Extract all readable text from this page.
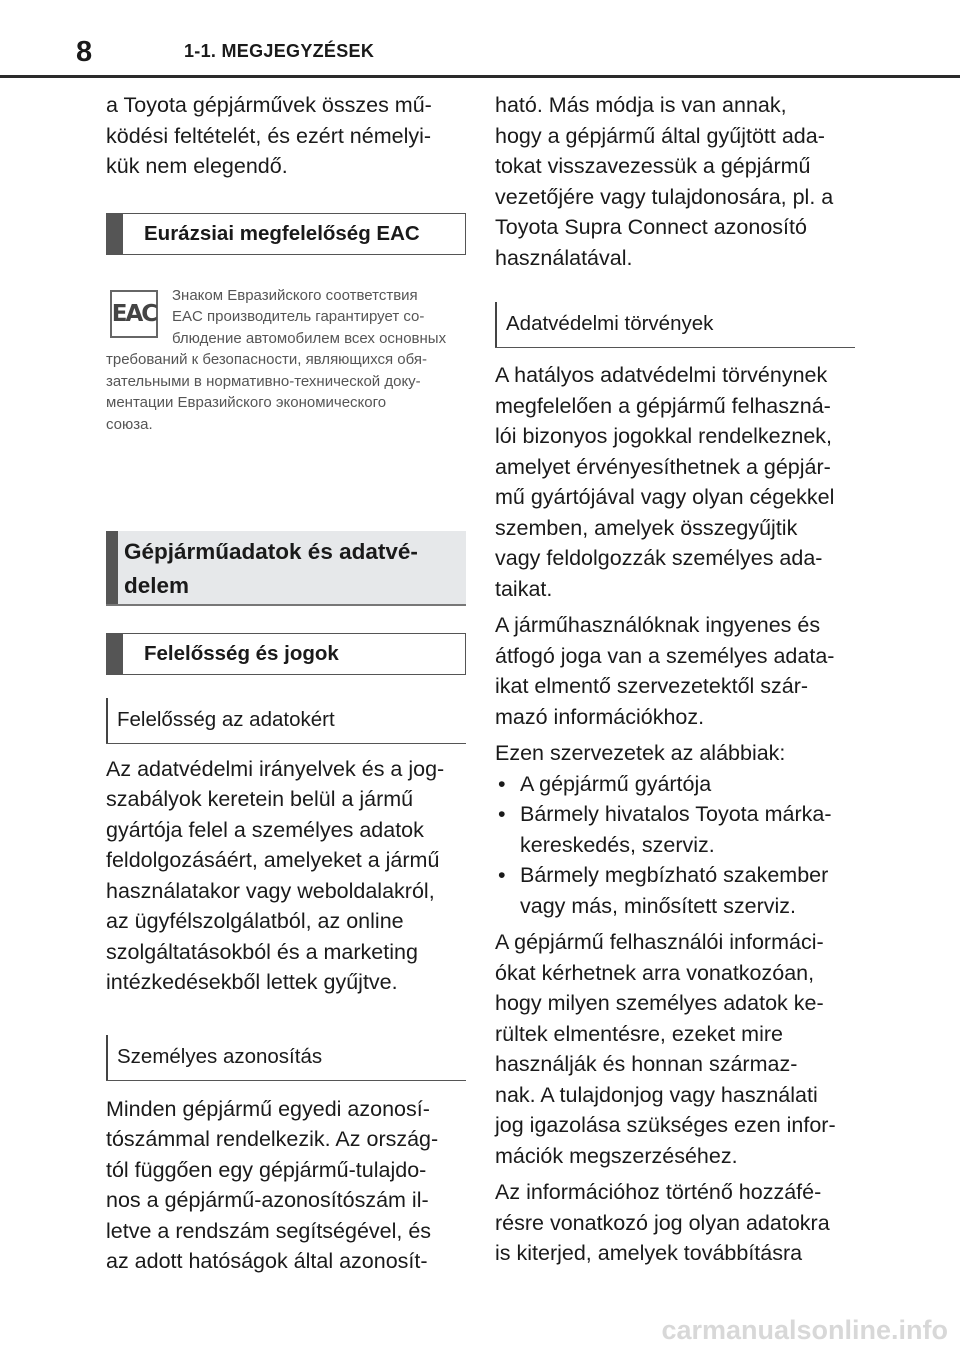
8	1-1. MEGJEGYZÉSEK

a Toyota gépjárművek összes mű-
ködési feltételét, és ezért némelyi-
kük nem elegendő.

Eurázsiai megfelelőség EAC
EAC
Знаком Евразийского соответствия
EAC производитель гарантирует со-
блюдение автомобилем всех основных
требований к безопасности, являющихся обя-
зательными в нормативно-технической доку-
ментации Евразийского экономического
союза.
Gépjárműadatok és adatvé-
delem
Felelősség és jogok
Felelősség az adatokért

Az adatvédelmi irányelvek és a jog-
szabályok keretein belül a jármű
gyártója felel a személyes adatok
feldolgozásáért, amelyeket a jármű
használatakor vagy weboldalakról,
az ügyfélszolgálatból, az online
szolgáltatásokból és a marketing
intézkedésekből lettek gyűjtve.

Személyes azonosítás

Minden gépjármű egyedi azonosí-
tószámmal rendelkezik. Az ország-
tól függően egy gépjármű-tulajdo-
nos a gépjármű-azonosítószám il-
letve a rendszám segítségével, és
az adott hatóságok által azonosít-

ható. Más módja is van annak,
hogy a gépjármű által gyűjtött ada-
tokat visszavezessük a gépjármű
vezetőjére vagy tulajdonosára, pl. a
Toyota Supra Connect azonosító
használatával.

Adatvédelmi törvények

A hatályos adatvédelmi törvénynek
megfelelően a gépjármű felhaszná-
lói bizonyos jogokkal rendelkeznek,
amelyet érvényesíthetnek a gépjár-
mű gyártójával vagy olyan cégekkel
szemben, amelyek összegyűjtik
vagy feldolgozzák személyes ada-
taikat.

A járműhasználóknak ingyenes és
átfogó joga van a személyes adata-
ikat elmentő szervezetektől szár-
mazó információkhoz.

Ezen szervezetek az alábbiak:

• A gépjármű gyártója
• Bármely hivatalos Toyota márka-
kereskedés, szerviz.
• Bármely megbízható szakember
vagy más, minősített szerviz.

A gépjármű felhasználói informáci-
ókat kérhetnek arra vonatkozóan,
hogy milyen személyes adatok ke-
rültek elmentésre, ezeket mire
használják és honnan származ-
nak. A tulajdonjog vagy használati
jog igazolása szükséges ezen infor-
mációk megszerzéséhez.

Az információhoz történő hozzáfé-
résre vonatkozó jog olyan adatokra
is kiterjed, amelyek továbbításra

carmanualsonline.info
